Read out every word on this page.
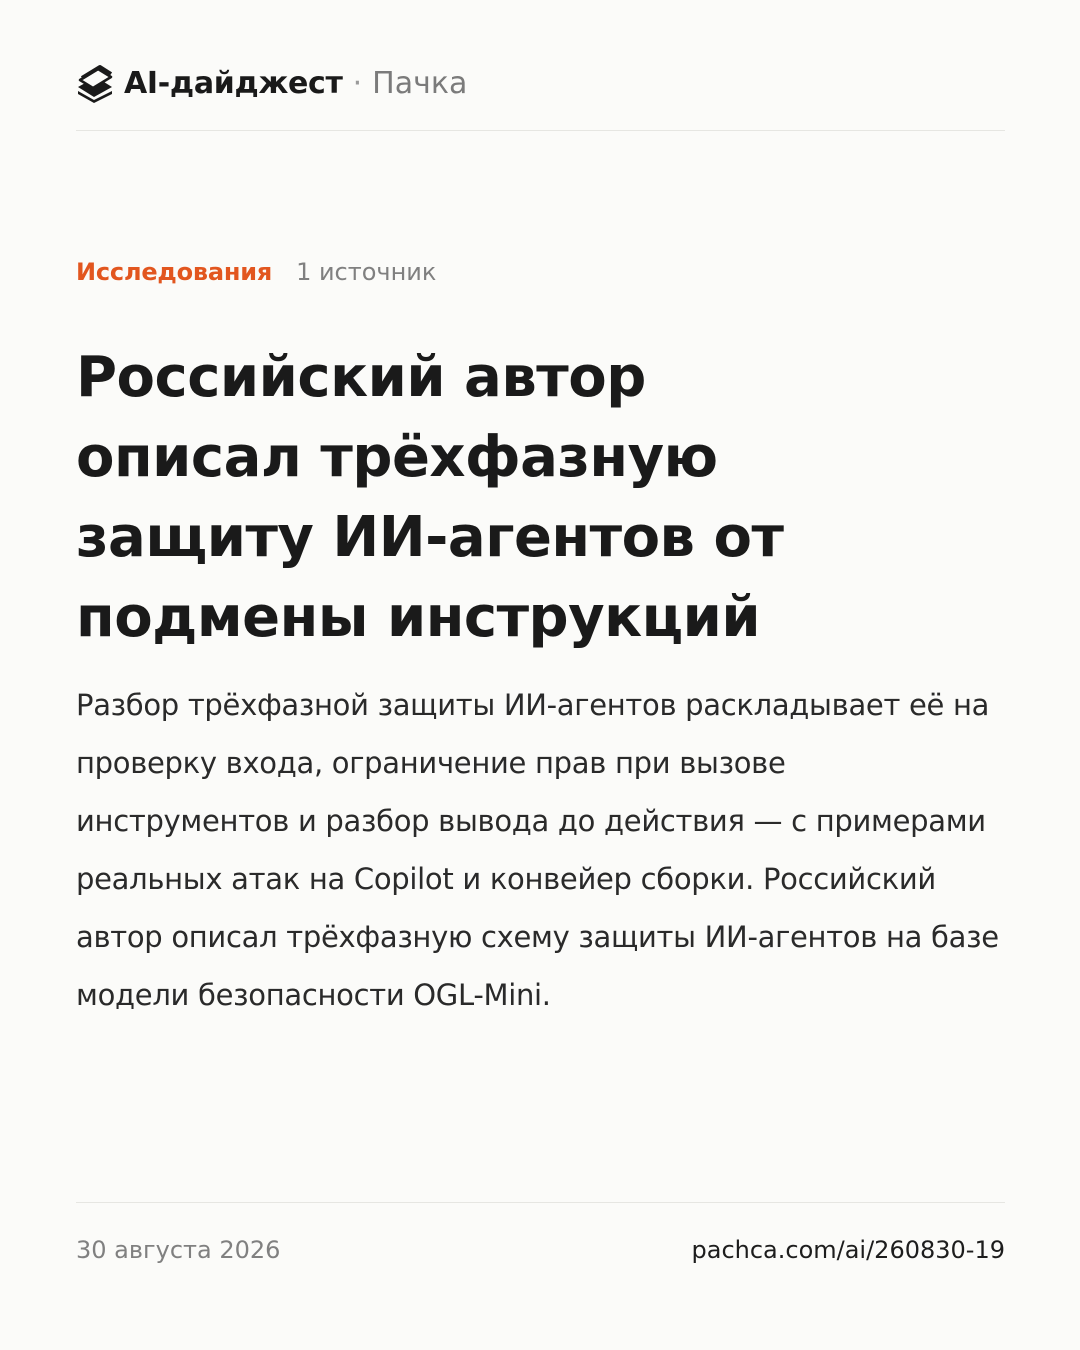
AI-дайджест · Пачка
Исследования 1 источник
Российский автор описал трёхфазную защиту ИИ-агентов от подмены инструкций

Разбор трёхфазной защиты ИИ-агентов раскладывает её на проверку входа, ограничение прав при вызове инструментов и разбор вывода до действия — с примерами реальных атак на Copilot и конвейер сборки. Российский автор описал трёхфазную схему защиты ИИ-агентов на базе модели безопасности OGL-Mini.

30 августа 2026	pachca.com/ai/260830-19
